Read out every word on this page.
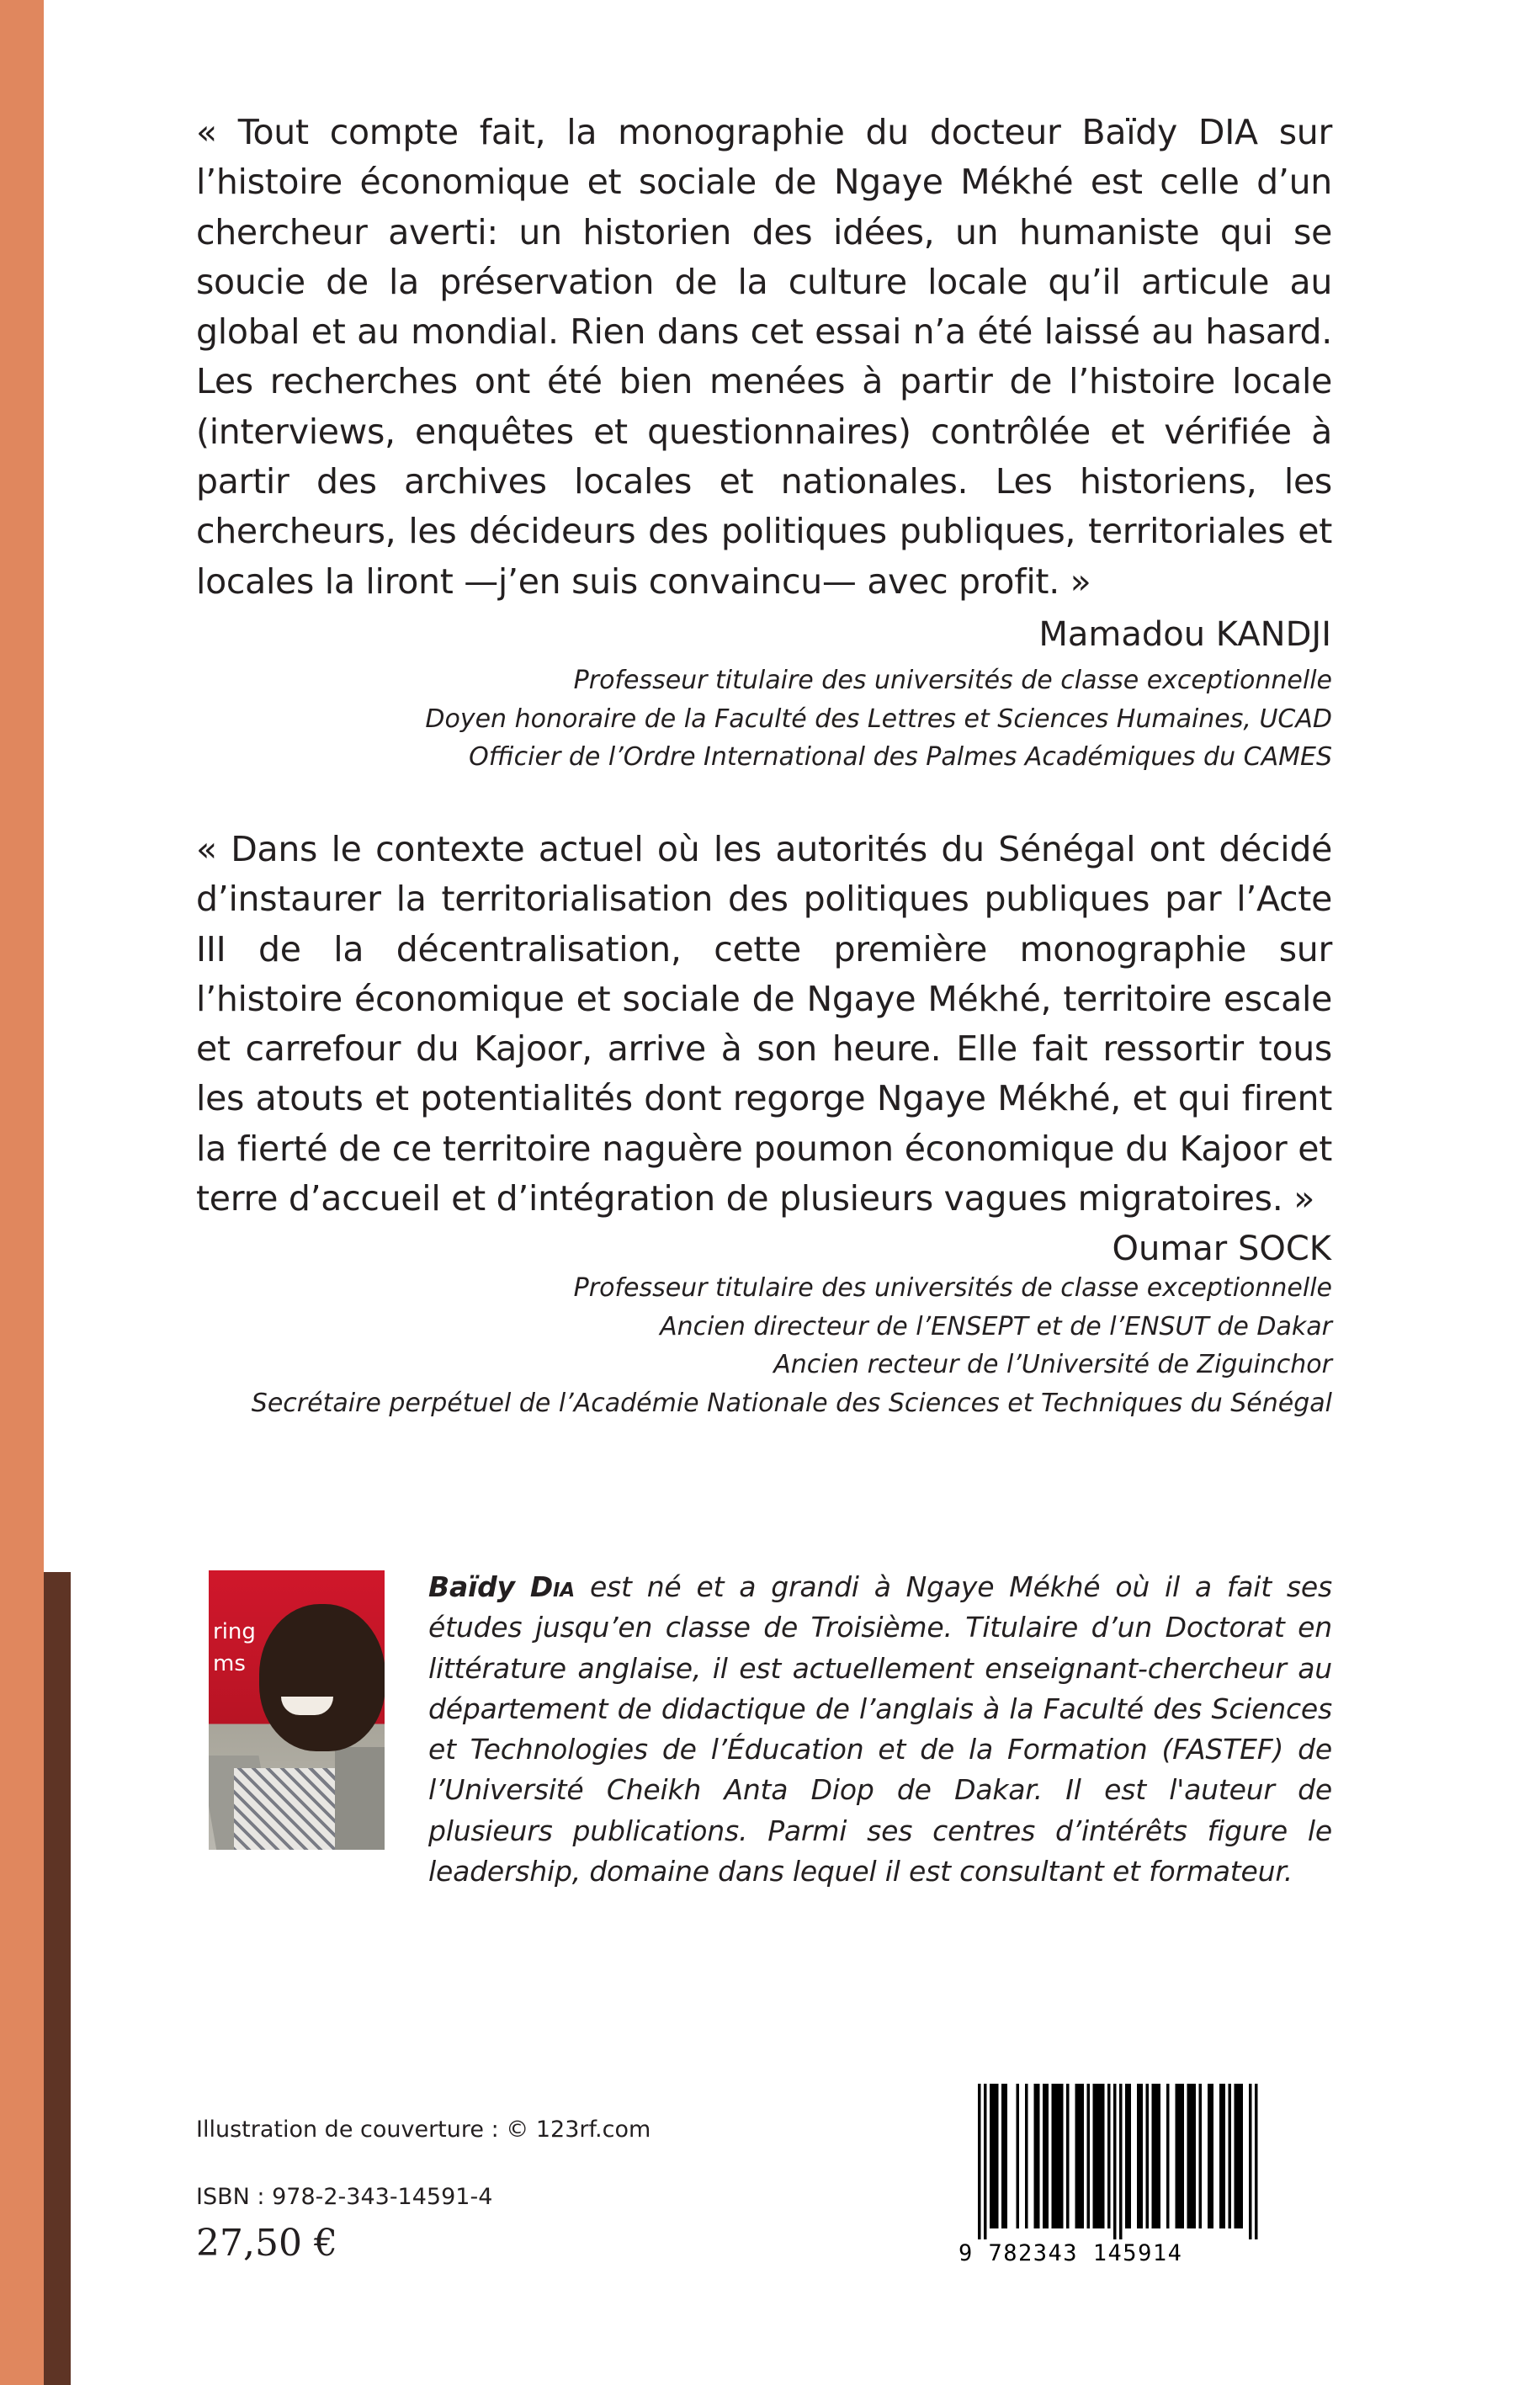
« Tout compte fait, la monographie du docteur Baïdy DIA sur l’histoire économique et sociale de Ngaye Mékhé est celle d’un chercheur averti: un historien des idées, un humaniste qui se soucie de la préservation de la culture locale qu’il articule au global et au mondial. Rien dans cet essai n’a été laissé au hasard. Les recherches ont été bien menées à partir de l’histoire locale (interviews, enquêtes et questionnaires) contrôlée et vérifiée à partir des archives locales et nationales. Les historiens, les chercheurs, les décideurs des politiques publiques, territoriales et locales la liront —j’en suis convaincu— avec profit. »

Mamadou KANDJI

Professeur titulaire des universités de classe exceptionnelle
Doyen honoraire de la Faculté des Lettres et Sciences Humaines, UCAD
Officier de l’Ordre International des Palmes Académiques du CAMES

« Dans le contexte actuel où les autorités du Sénégal ont décidé d’instaurer la territorialisation des politiques publiques par l’Acte III de la décentralisation, cette première monographie sur l’histoire économique et sociale de Ngaye Mékhé, territoire escale et carrefour du Kajoor, arrive à son heure. Elle fait ressortir tous les atouts et potentialités dont regorge Ngaye Mékhé, et qui firent la fierté de ce territoire naguère poumon économique du Kajoor et terre d’accueil et d’intégration de plusieurs vagues migratoires. »

Oumar SOCK

Professeur titulaire des universités de classe exceptionnelle
Ancien directeur de l’ENSEPT et de l’ENSUT de Dakar
Ancien recteur de l’Université de Ziguinchor
Secrétaire perpétuel de l’Académie Nationale des Sciences et Techniques du Sénégal
ring
ms

Baïdy Dia est né et a grandi à Ngaye Mékhé où il a fait ses études jusqu’en classe de Troisième. Titulaire d’un Doctorat en littérature anglaise, il est actuellement enseignant-chercheur au département de didactique de l’anglais à la Faculté des Sciences et Technologies de l’Éducation et de la Formation (FASTEF) de l’Université Cheikh Anta Diop de Dakar. Il est l'auteur de plusieurs publications. Parmi ses centres d’intérêts figure le leadership, domaine dans lequel il est consultant et formateur.

Illustration de couverture : © 123rf.com

ISBN : 978-2-343-14591-4

27,50 €	9 782343 145914
